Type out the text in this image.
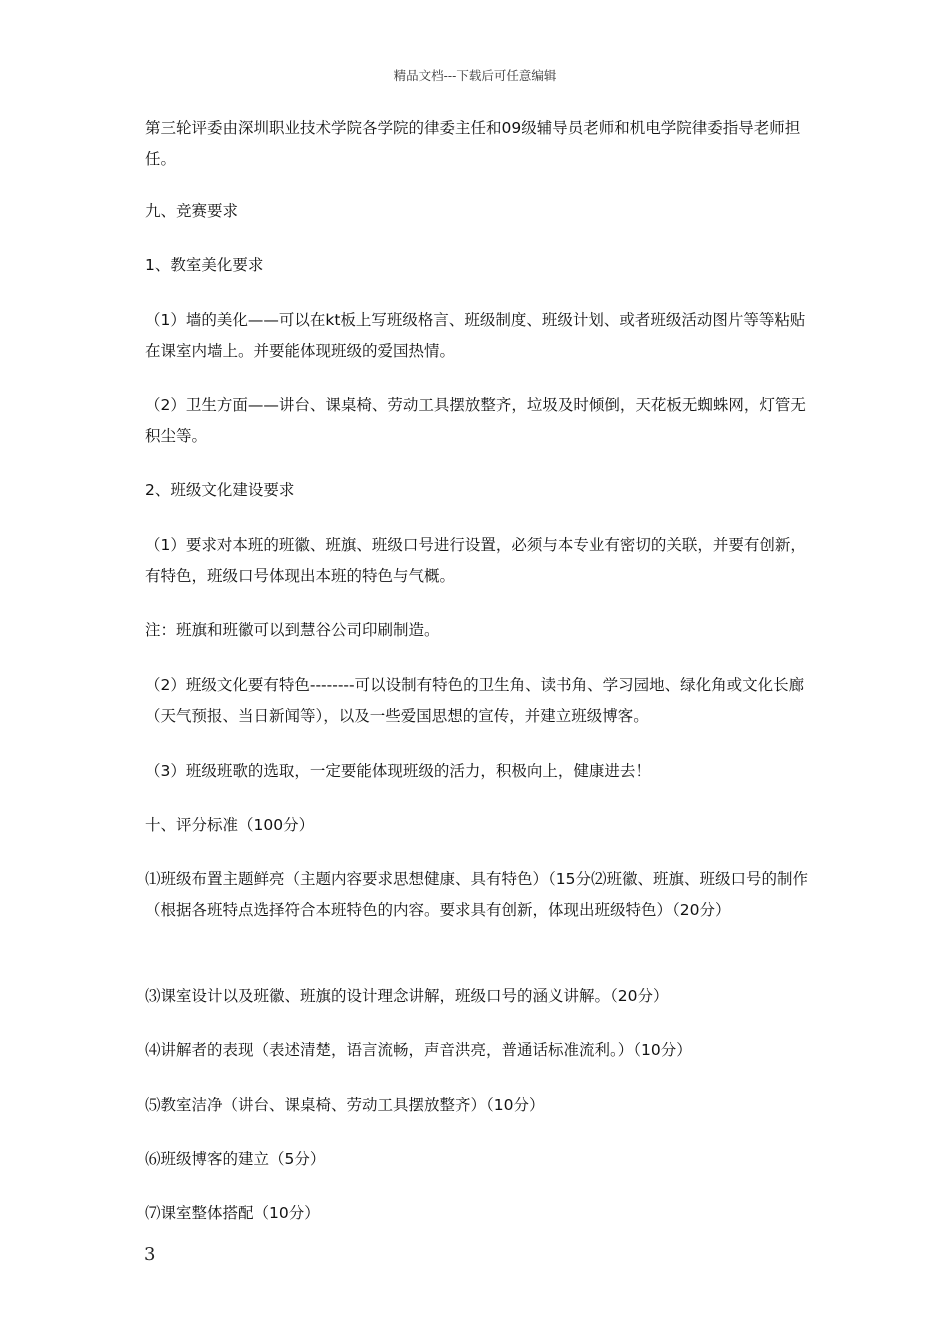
精品文档---下载后可任意编辑

第三轮评委由深圳职业技术学院各学院的律委主任和09级辅导员老师和机电学院律委指导老师担任。

九、竞赛要求

1、教室美化要求

（1）墙的美化——可以在kt板上写班级格言、班级制度、班级计划、或者班级活动图片等等粘贴在课室内墙上。并要能体现班级的爱国热情。

（2）卫生方面——讲台、课桌椅、劳动工具摆放整齐，垃圾及时倾倒，天花板无蜘蛛网，灯管无积尘等。

2、班级文化建设要求

（1）要求对本班的班徽、班旗、班级口号进行设置，必须与本专业有密切的关联，并要有创新，有特色，班级口号体现出本班的特色与气概。

注：班旗和班徽可以到慧谷公司印刷制造。

（2）班级文化要有特色--------可以设制有特色的卫生角、读书角、学习园地、绿化角或文化长廊（天气预报、当日新闻等），以及一些爱国思想的宣传，并建立班级博客。

（3）班级班歌的选取，一定要能体现班级的活力，积极向上，健康进去！

十、评分标准（100分）

⑴班级布置主题鲜亮（主题内容要求思想健康、具有特色）（15分⑵班徽、班旗、班级口号的制作（根据各班特点选择符合本班特色的内容。要求具有创新，体现出班级特色）（20分）

⑶课室设计以及班徽、班旗的设计理念讲解，班级口号的涵义讲解。（20分）

⑷讲解者的表现（表述清楚，语言流畅，声音洪亮，普通话标准流利。）（10分）

⑸教室洁净（讲台、课桌椅、劳动工具摆放整齐）（10分）

⑹班级博客的建立（5分）

⑺课室整体搭配（10分）

3
